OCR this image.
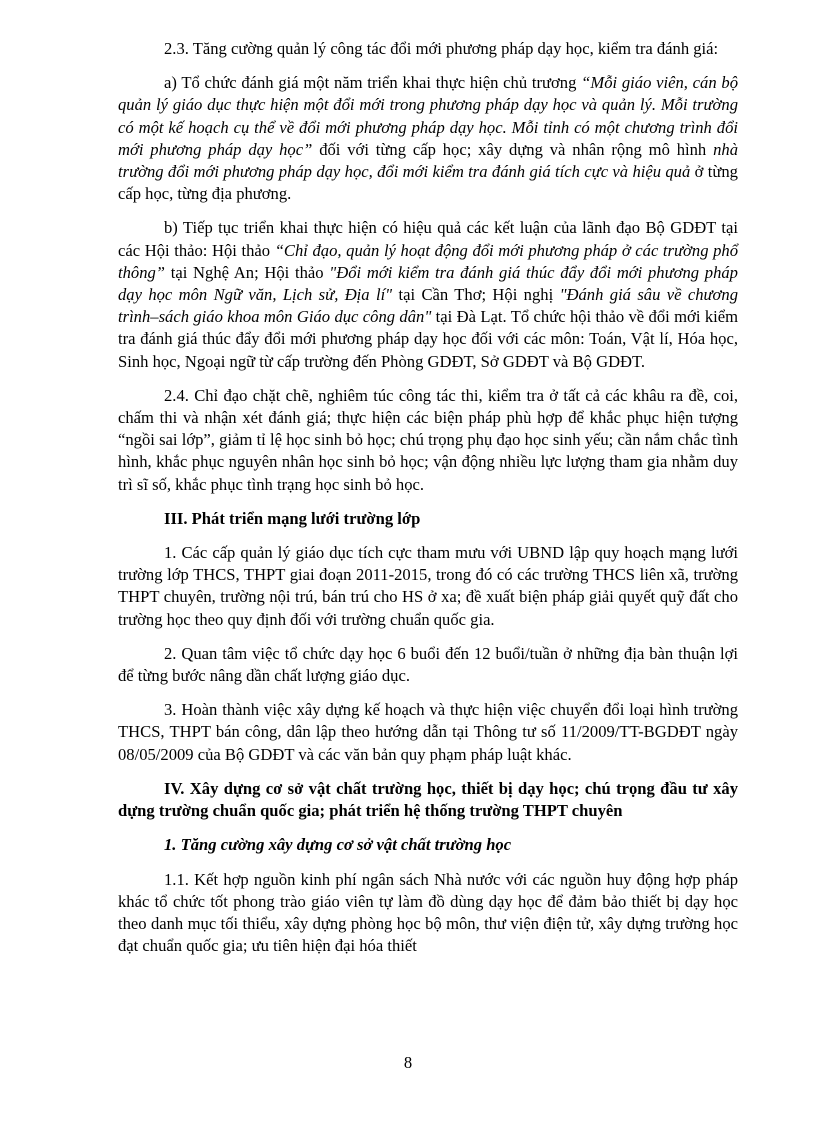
2.3. Tăng cường quản lý công tác đổi mới phương pháp dạy học, kiểm tra đánh giá:

a) Tổ chức đánh giá một năm triển khai thực hiện chủ trương “Mỗi giáo viên, cán bộ quản lý giáo dục thực hiện một đổi mới trong phương pháp dạy học và quản lý. Mỗi trường có một kế hoạch cụ thể về đổi mới phương pháp dạy học. Mỗi tỉnh có một chương trình đổi mới phương pháp dạy học” đối với từng cấp học; xây dựng và nhân rộng mô hình nhà trường đổi mới phương pháp dạy học, đổi mới kiểm tra đánh giá tích cực và hiệu quả ở từng cấp học, từng địa phương.

b) Tiếp tục triển khai thực hiện có hiệu quả các kết luận của lãnh đạo Bộ GDĐT tại các Hội thảo: Hội thảo “Chỉ đạo, quản lý hoạt động đổi mới phương pháp ở các trường phổ thông” tại Nghệ An; Hội thảo "Đổi mới kiểm tra đánh giá thúc đẩy đổi mới phương pháp dạy học môn Ngữ văn, Lịch sử, Địa lí" tại Cần Thơ; Hội nghị "Đánh giá sâu về chương trình–sách giáo khoa môn Giáo dục công dân" tại Đà Lạt. Tổ chức hội thảo về đổi mới kiểm tra đánh giá thúc đẩy đổi mới phương pháp dạy học đối với các môn: Toán, Vật lí, Hóa học, Sinh học, Ngoại ngữ từ cấp trường đến Phòng GDĐT, Sở GDĐT và Bộ GDĐT.

2.4. Chỉ đạo chặt chẽ, nghiêm túc công tác thi, kiểm tra ở tất cả các khâu ra đề, coi, chấm thi và nhận xét đánh giá; thực hiện các biện pháp phù hợp để khắc phục hiện tượng “ngồi sai lớp”, giảm tỉ lệ học sinh bỏ học; chú trọng phụ đạo học sinh yếu; cần nắm chắc tình hình, khắc phục nguyên nhân học sinh bỏ học; vận động nhiều lực lượng tham gia nhằm duy trì sĩ số, khắc phục tình trạng học sinh bỏ học.

III. Phát triển mạng lưới trường lớp

1. Các cấp quản lý giáo dục tích cực tham mưu với UBND lập quy hoạch mạng lưới trường lớp THCS, THPT giai đoạn 2011-2015, trong đó có các trường THCS liên xã, trường THPT chuyên, trường nội trú, bán trú cho HS ở xa; đề xuất biện pháp giải quyết quỹ đất cho trường học theo quy định đối với trường chuẩn quốc gia.

2. Quan tâm việc tổ chức dạy học 6 buổi đến 12 buổi/tuần ở những địa bàn thuận lợi để từng bước nâng dần chất lượng giáo dục.

3. Hoàn thành việc xây dựng kế hoạch và thực hiện việc chuyển đổi loại hình trường THCS, THPT bán công, dân lập theo hướng dẫn tại Thông tư số 11/2009/TT-BGDĐT ngày 08/05/2009 của Bộ GDĐT và các văn bản quy phạm pháp luật khác.

IV. Xây dựng cơ sở vật chất trường học, thiết bị dạy học; chú trọng đầu tư xây dựng trường chuẩn quốc gia; phát triển hệ thống trường THPT chuyên

1. Tăng cường xây dựng cơ sở vật chất trường học

1.1. Kết hợp nguồn kinh phí ngân sách Nhà nước với các nguồn huy động hợp pháp khác tổ chức tốt phong trào giáo viên tự làm đồ dùng dạy học để đảm bảo thiết bị dạy học theo danh mục tối thiểu, xây dựng phòng học bộ môn, thư viện điện tử, xây dựng trường học đạt chuẩn quốc gia; ưu tiên hiện đại hóa thiết

8
